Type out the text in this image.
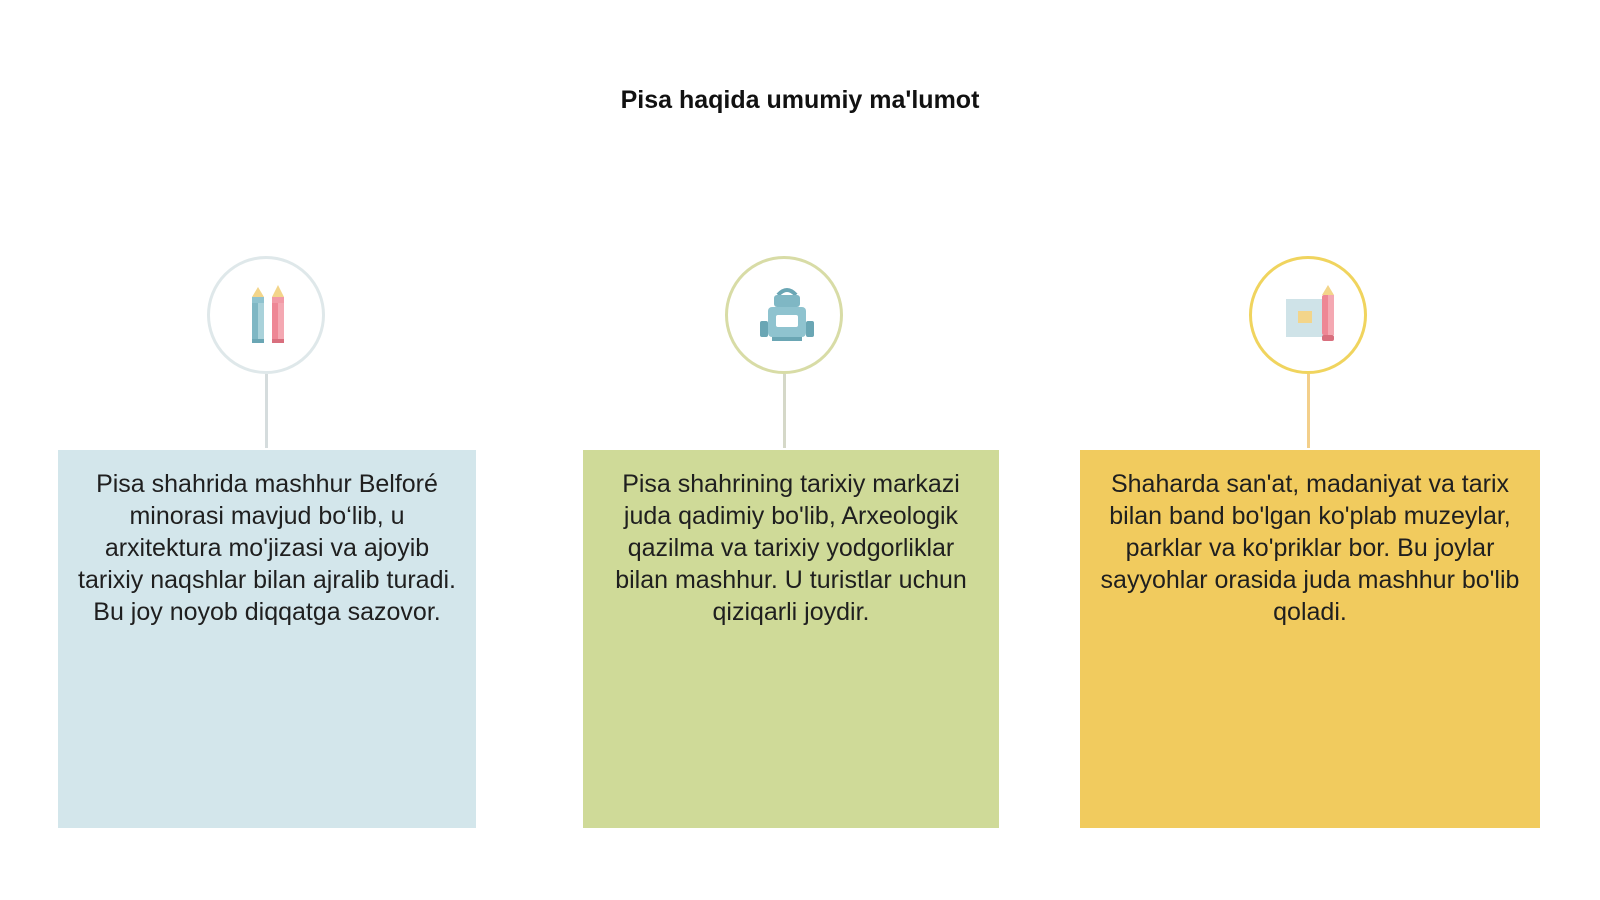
Pisa haqida umumiy ma'lumot
Pisa shahrida mashhur Belforé minorasi mavjud bo‘lib, u arxitektura mo'jizasi va ajoyib tarixiy naqshlar bilan ajralib turadi. Bu joy noyob diqqatga sazovor.
Pisa shahrining tarixiy markazi juda qadimiy bo'lib, Arxeologik qazilma va tarixiy yodgorliklar bilan mashhur. U turistlar uchun qiziqarli joydir.
Shaharda san'at, madaniyat va tarix bilan band bo'lgan ko'plab muzeylar, parklar va ko'priklar bor. Bu joylar sayyohlar orasida juda mashhur bo'lib qoladi.
